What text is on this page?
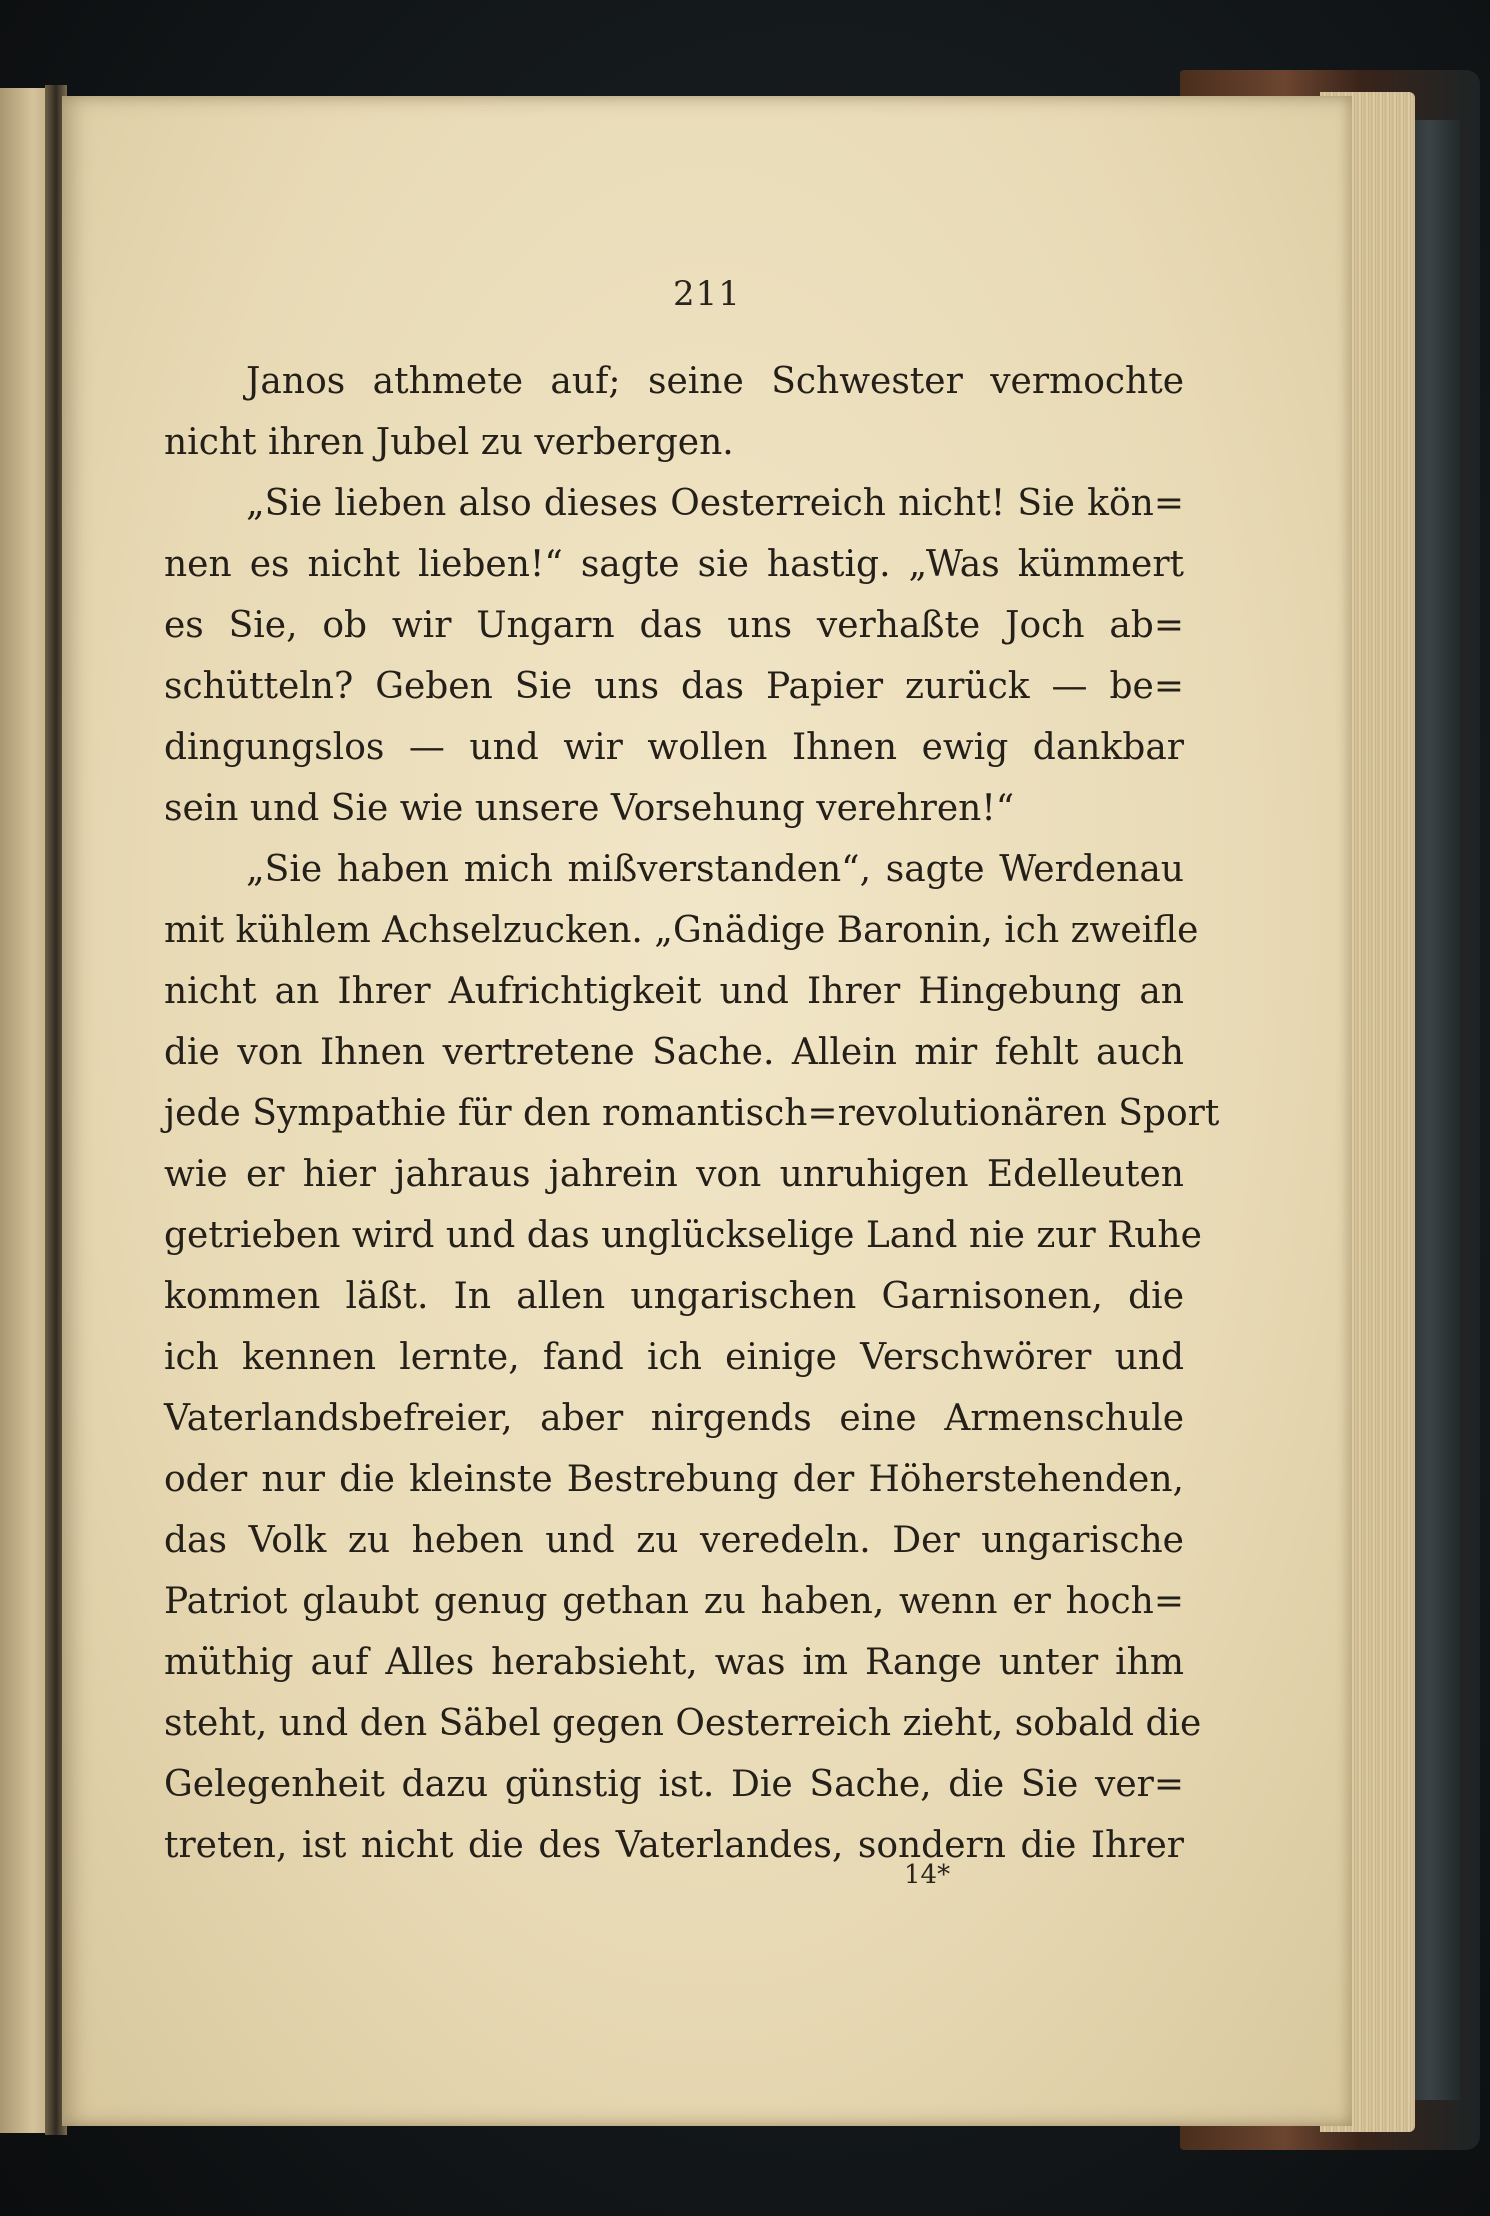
211
Janos athmete auf; seine Schwester vermochte
nicht ihren Jubel zu verbergen.
„Sie lieben also dieses Oesterreich nicht! Sie kön=
nen es nicht lieben!“ sagte sie hastig. „Was kümmert
es Sie, ob wir Ungarn das uns verhaßte Joch ab=
schütteln? Geben Sie uns das Papier zurück — be=
dingungslos — und wir wollen Ihnen ewig dankbar
sein und Sie wie unsere Vorsehung verehren!“
„Sie haben mich mißverstanden“, sagte Werdenau
mit kühlem Achselzucken. „Gnädige Baronin, ich zweifle
nicht an Ihrer Aufrichtigkeit und Ihrer Hingebung an
die von Ihnen vertretene Sache. Allein mir fehlt auch
jede Sympathie für den romantisch=revolutionären Sport
wie er hier jahraus jahrein von unruhigen Edelleuten
getrieben wird und das unglückselige Land nie zur Ruhe
kommen läßt. In allen ungarischen Garnisonen, die
ich kennen lernte, fand ich einige Verschwörer und
Vaterlandsbefreier, aber nirgends eine Armenschule
oder nur die kleinste Bestrebung der Höherstehenden,
das Volk zu heben und zu veredeln. Der ungarische
Patriot glaubt genug gethan zu haben, wenn er hoch=
müthig auf Alles herabsieht, was im Range unter ihm
steht, und den Säbel gegen Oesterreich zieht, sobald die
Gelegenheit dazu günstig ist. Die Sache, die Sie ver=
treten, ist nicht die des Vaterlandes, sondern die Ihrer
14*
